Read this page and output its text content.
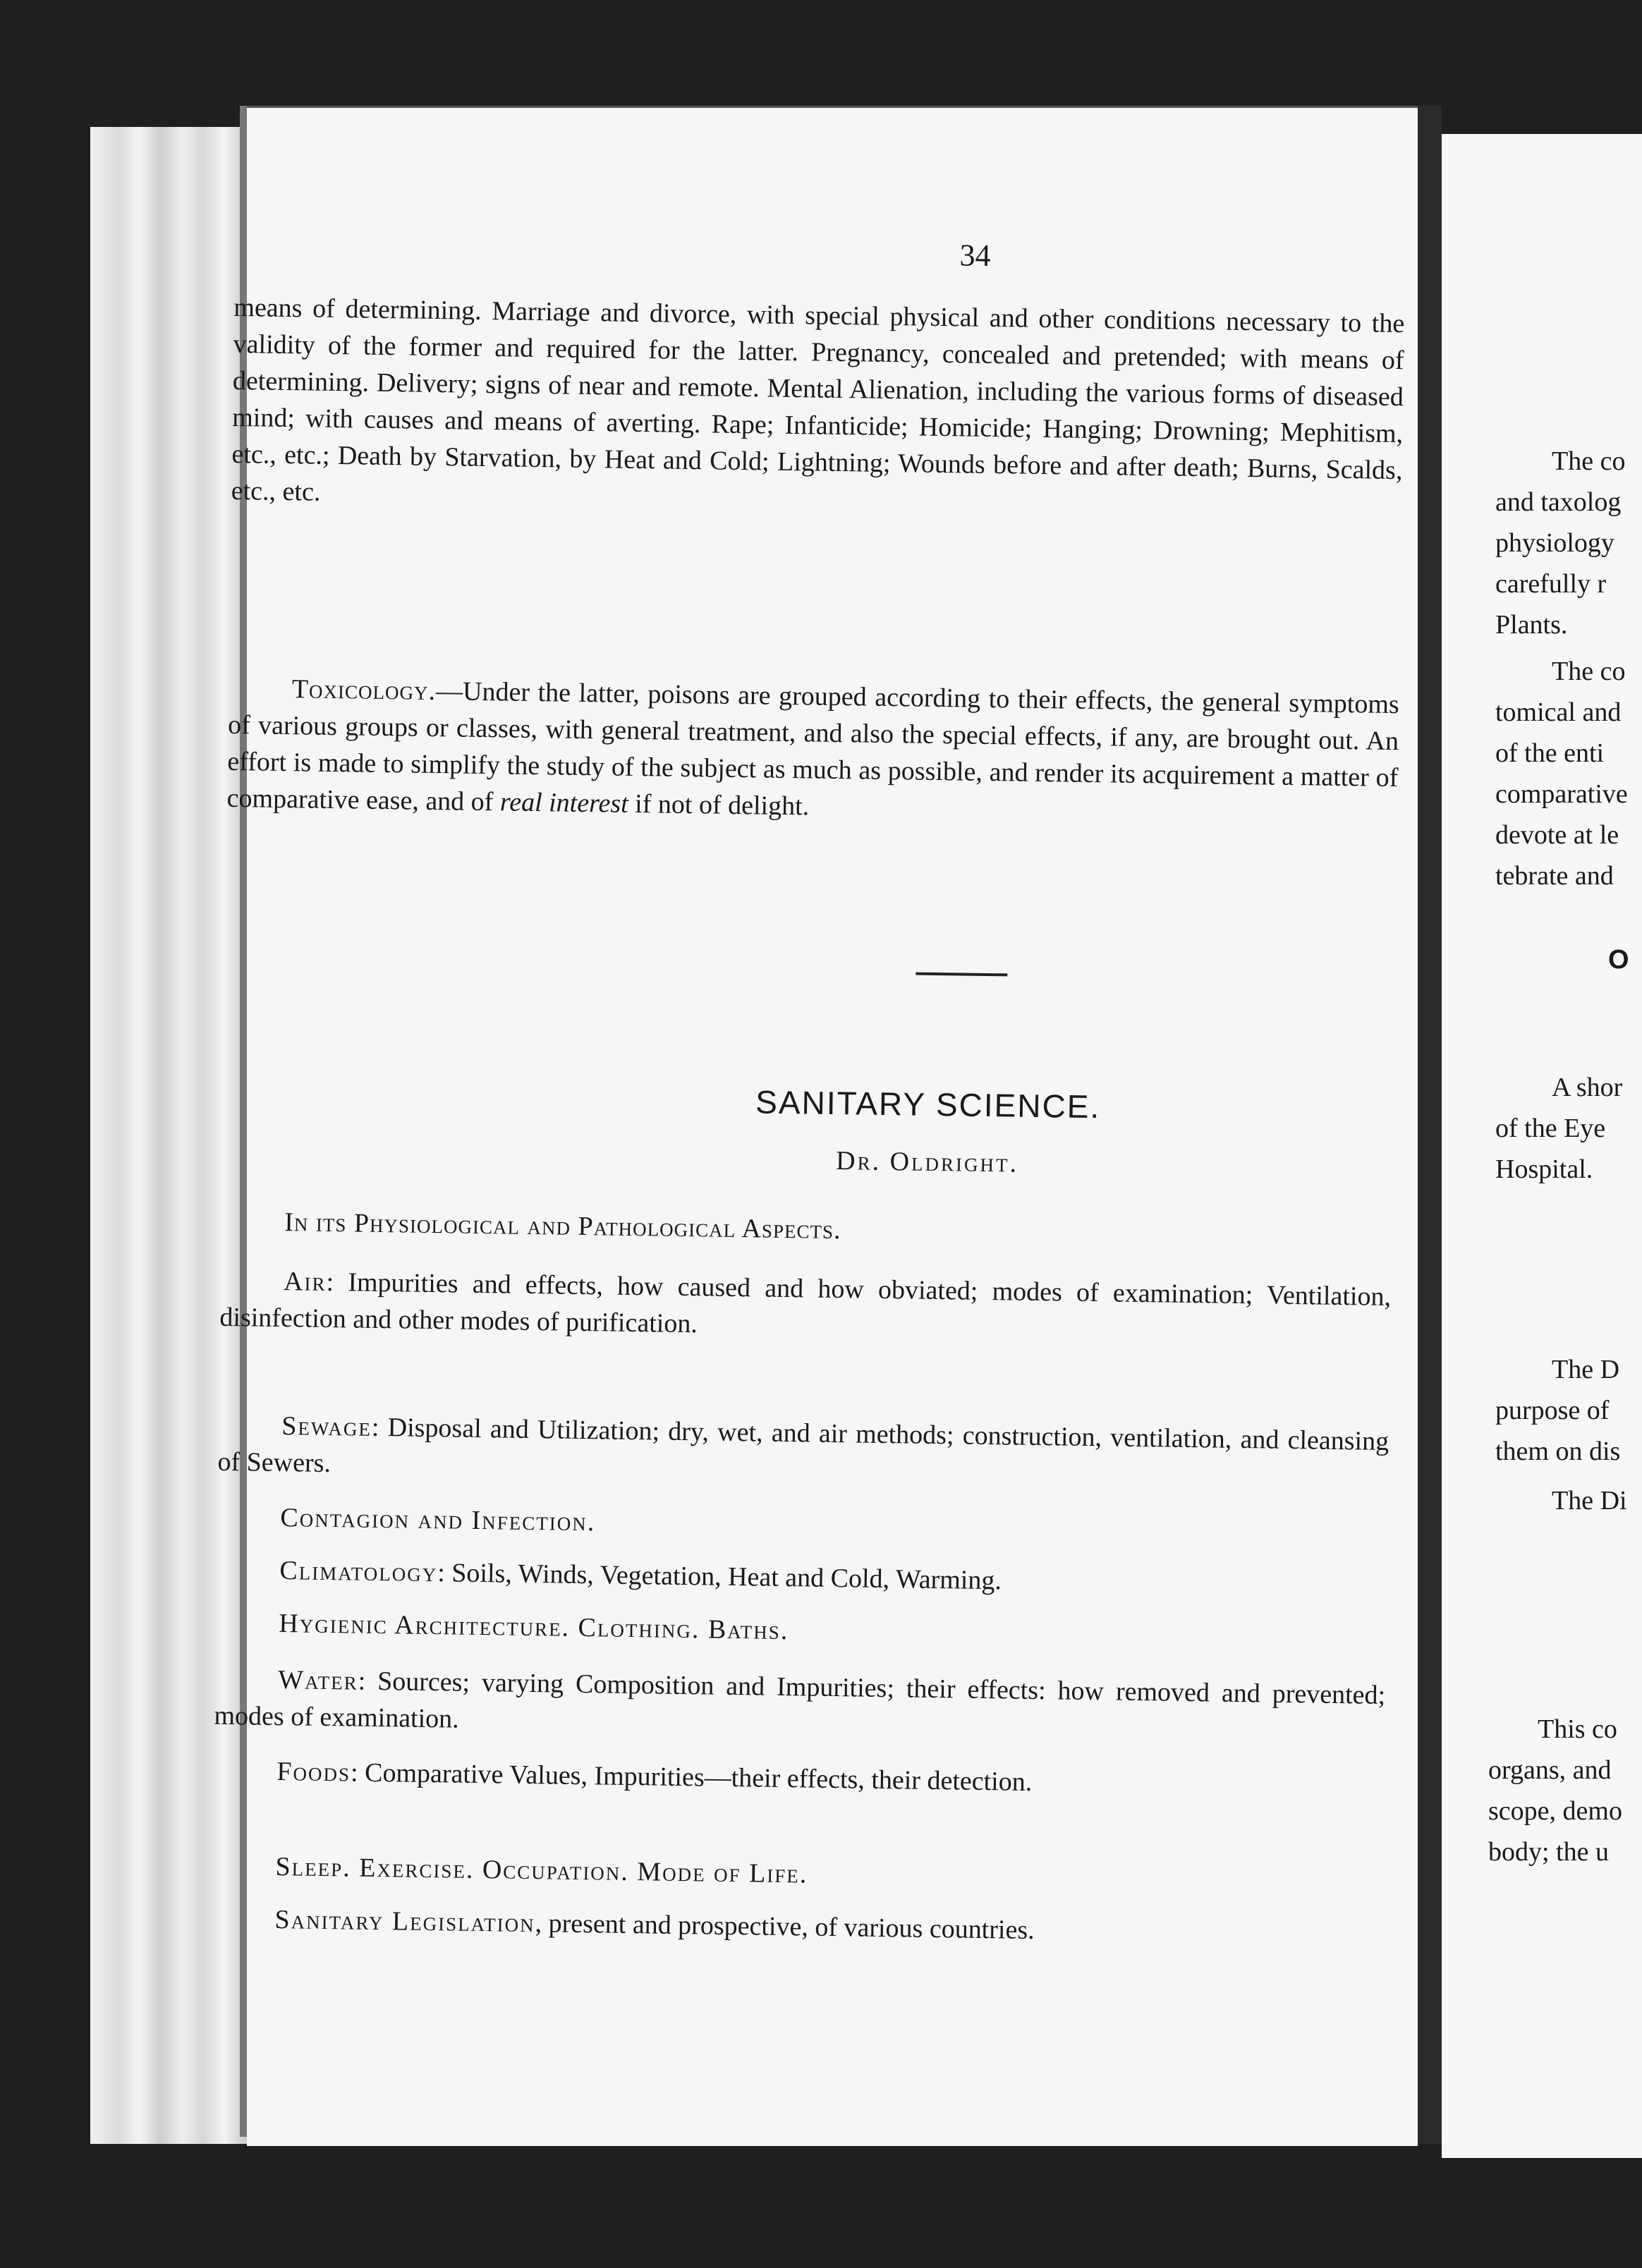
34

means of determining. Marriage and divorce, with special physical and other conditions necessary to the validity of the former and required for the latter. Pregnancy, concealed and pretended; with means of determining. Delivery; signs of near and remote. Mental Alienation, including the various forms of diseased mind; with causes and means of averting. Rape; Infanticide; Homicide; Hanging; Drowning; Mephitism, etc., etc.; Death by Starvation, by Heat and Cold; Lightning; Wounds before and after death; Burns, Scalds, etc., etc.

Toxicology.—Under the latter, poisons are grouped according to their effects, the general symptoms of various groups or classes, with general treatment, and also the special effects, if any, are brought out. An effort is made to simplify the study of the subject as much as possible, and render its acquirement a matter of comparative ease, and of real interest if not of delight.

SANITARY SCIENCE.

Dr. Oldright.

In its Physiological and Pathological Aspects.

Air: Impurities and effects, how caused and how obviated; modes of examination; Ventilation, disinfection and other modes of purification.

Sewage: Disposal and Utilization; dry, wet, and air methods; construction, ventilation, and cleansing of Sewers.

Contagion and Infection.

Climatology: Soils, Winds, Vegetation, Heat and Cold, Warming.

Hygienic Architecture. Clothing. Baths.

Water: Sources; varying Composition and Impurities; their effects: how removed and prevented; modes of examination.

Foods: Comparative Values, Impurities—their effects, their detection.

Sleep. Exercise. Occupation. Mode of Life.

Sanitary Legislation, present and prospective, of various countries.

The co
and taxolog
physiology
carefully r
Plants.
The co
tomical and
of the enti
comparative
devote at le
tebrate and
O
A shor
of the Eye
Hospital.
The D
purpose of
them on dis
The Di
This co
organs, and
scope, demo
body; the u
